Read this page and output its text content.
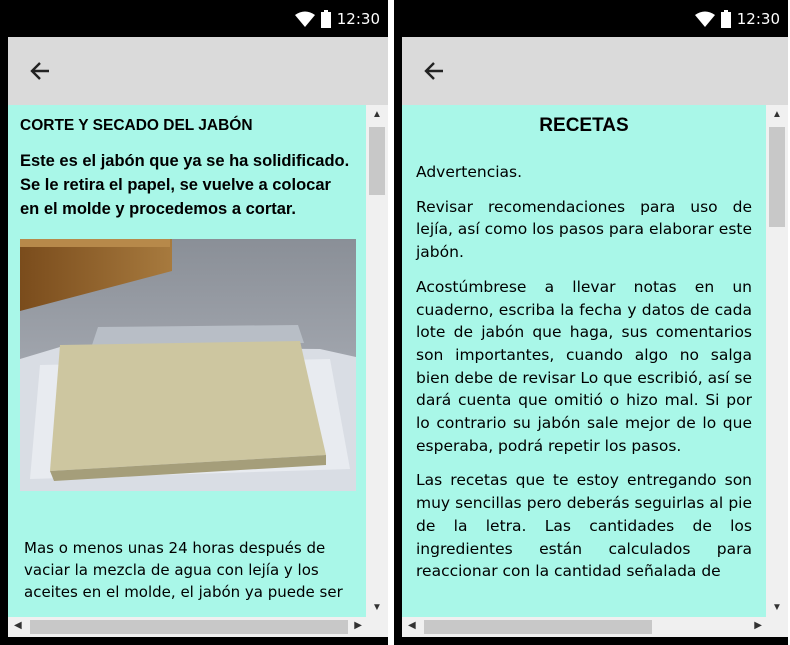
12:30
CORTE Y SECADO DEL JABÓN
Este es el jabón que ya se ha solidificado. Se le retira el papel, se vuelve a colocar en el molde y procedemos a cortar.
Mas o menos unas 24 horas después de vaciar la mezcla de agua con lejía y los aceites en el molde, el jabón ya puede ser
▲
▼
◀	▶
12:30
RECETAS

Advertencias.

Revisar recomendaciones para uso de lejía, así como los pasos para elaborar este jabón.

Acostúmbrese a llevar notas en un cuaderno, escriba la fecha y datos de cada lote de jabón que haga, sus comentarios son importantes, cuando algo no salga bien debe de revisar Lo que escribió, así se dará cuenta que omitió o hizo mal. Si por lo contrario su jabón sale mejor de lo que esperaba, podrá repetir los pasos.

Las recetas que te estoy entregando son muy sencillas pero deberás seguirlas al pie de la letra. Las cantidades de los ingredientes están calculados para reaccionar con la cantidad señalada de

▲
▼
◀	▶
